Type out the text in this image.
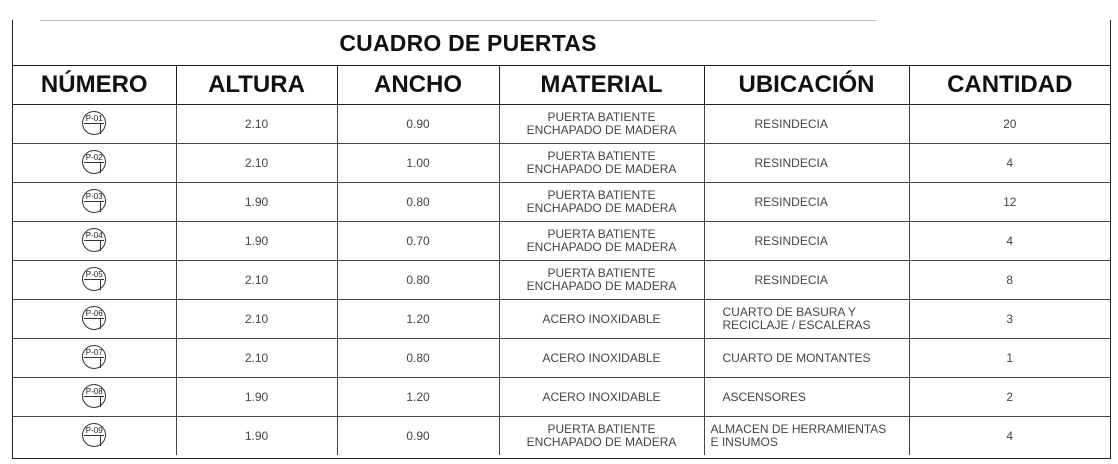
CUADRO DE PUERTAS
NÚMERO	ALTURA	ANCHO	MATERIAL	UBICACIÓN	CANTIDAD

P-01	2.10	0.90	PUERTA BATIENTE
ENCHAPADO DE MADERA	RESINDECIA	20

P-02	2.10	1.00	PUERTA BATIENTE
ENCHAPADO DE MADERA	RESINDECIA	4

P-03	1.90	0.80	PUERTA BATIENTE
ENCHAPADO DE MADERA	RESINDECIA	12

P-04	1.90	0.70	PUERTA BATIENTE
ENCHAPADO DE MADERA	RESINDECIA	4

P-05	2.10	0.80	PUERTA BATIENTE
ENCHAPADO DE MADERA	RESINDECIA	8

P-06	2.10	1.20	ACERO INOXIDABLE	CUARTO DE BASURA Y
RECICLAJE / ESCALERAS	3

P-07	2.10	0.80	ACERO INOXIDABLE	CUARTO DE MONTANTES	1

P-08	1.90	1.20	ACERO INOXIDABLE	ASCENSORES	2

P-09	1.90	0.90	PUERTA BATIENTE
ENCHAPADO DE MADERA	ALMACEN DE HERRAMIENTAS
E INSUMOS	4
